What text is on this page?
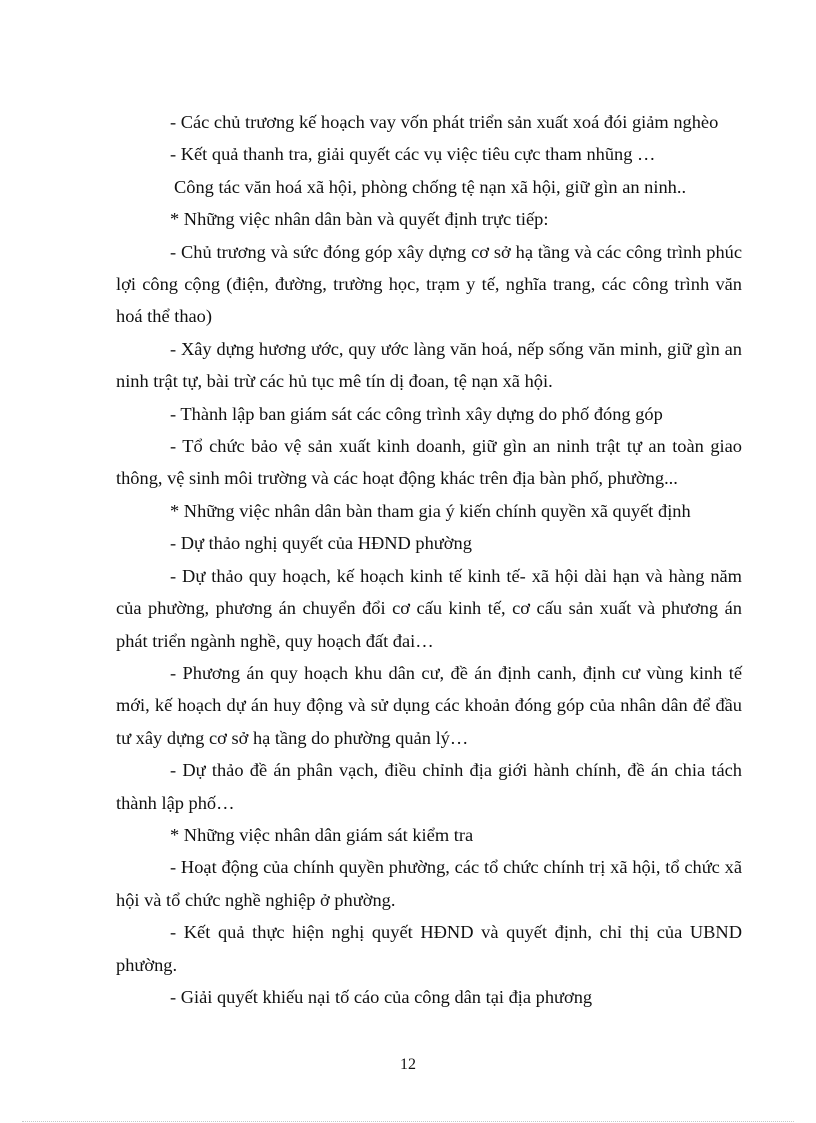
- Các chủ trương kế hoạch vay vốn phát triển sản xuất xoá đói giảm nghèo

- Kết quả thanh tra, giải quyết các vụ việc tiêu cực tham nhũng …

Công tác văn hoá xã hội, phòng chống tệ nạn xã hội, giữ gìn an ninh..

* Những việc nhân dân bàn và quyết định trực tiếp:

- Chủ trương và sức đóng góp xây dựng cơ sở hạ tầng và các công trình phúc lợi công cộng (điện, đường, trường học, trạm y tế, nghĩa trang, các công trình văn hoá thể thao)

- Xây dựng hương ước, quy ước làng văn hoá, nếp sống văn minh, giữ gìn an ninh trật tự, bài trừ các hủ tục mê tín dị đoan, tệ nạn xã hội.

- Thành lập ban giám sát các công trình xây dựng do phố đóng góp

- Tổ chức bảo vệ sản xuất kinh doanh, giữ gìn an ninh trật tự an toàn giao thông, vệ sinh môi trường và các hoạt động khác trên địa bàn phố, phường...

* Những việc nhân dân bàn tham gia ý kiến chính quyền xã quyết định

- Dự thảo nghị quyết của HĐND phường

- Dự thảo quy hoạch, kế hoạch kinh tế kinh tế- xã hội dài hạn và hàng năm của phường, phương án chuyển đổi cơ cấu kinh tế, cơ cấu sản xuất và phương án phát triển ngành nghề, quy hoạch đất đai…

- Phương án quy hoạch khu dân cư, đề án định canh, định cư vùng kinh tế mới, kế hoạch dự án huy động và sử dụng các khoản đóng góp của nhân dân để đầu tư xây dựng cơ sở hạ tầng do phường quản lý…

- Dự thảo đề án phân vạch, điều chỉnh địa giới hành chính, đề án chia tách thành lập phố…

* Những việc nhân dân giám sát kiểm tra

- Hoạt động của chính quyền phường, các tổ chức chính trị xã hội, tổ chức xã hội và tổ chức nghề nghiệp ở phường.

- Kết quả thực hiện nghị quyết HĐND và quyết định, chỉ thị của UBND phường.

- Giải quyết khiếu nại tố cáo của công dân tại địa phương

12
